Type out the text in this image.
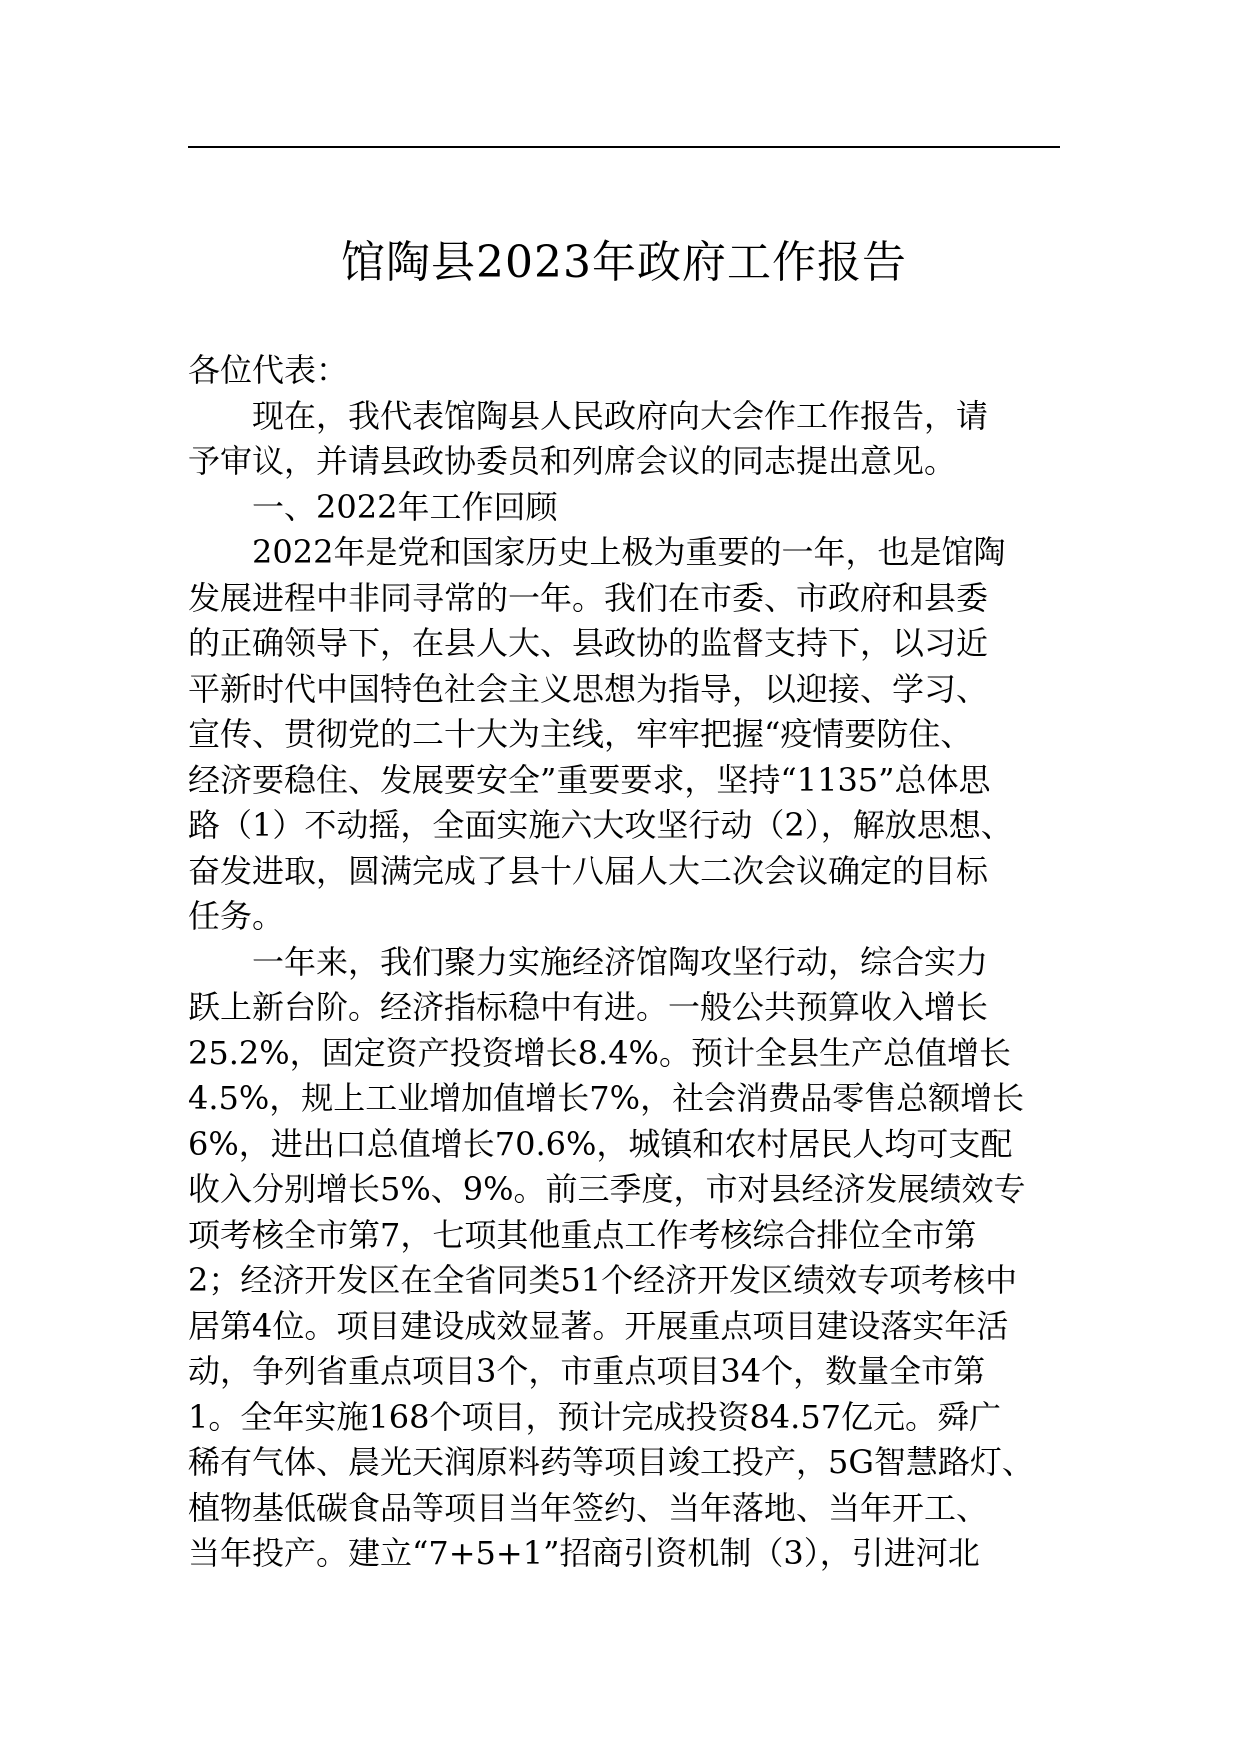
馆陶县2023年政府工作报告
各位代表：
现在，我代表馆陶县人民政府向大会作工作报告，请
予审议，并请县政协委员和列席会议的同志提出意见。
一、2022年工作回顾
2022年是党和国家历史上极为重要的一年，也是馆陶
发展进程中非同寻常的一年。我们在市委、市政府和县委
的正确领导下，在县人大、县政协的监督支持下，以习近
平新时代中国特色社会主义思想为指导，以迎接、学习、
宣传、贯彻党的二十大为主线，牢牢把握“疫情要防住、
经济要稳住、发展要安全”重要要求，坚持“1135”总体思
路（1）不动摇，全面实施六大攻坚行动（2），解放思想、
奋发进取，圆满完成了县十八届人大二次会议确定的目标
任务。
一年来，我们聚力实施经济馆陶攻坚行动，综合实力
跃上新台阶。经济指标稳中有进。一般公共预算收入增长
25.2%，固定资产投资增长8.4%。预计全县生产总值增长
4.5%，规上工业增加值增长7%，社会消费品零售总额增长
6%，进出口总值增长70.6%，城镇和农村居民人均可支配
收入分别增长5%、9%。前三季度，市对县经济发展绩效专
项考核全市第7，七项其他重点工作考核综合排位全市第
2；经济开发区在全省同类51个经济开发区绩效专项考核中
居第4位。项目建设成效显著。开展重点项目建设落实年活
动，争列省重点项目3个，市重点项目34个，数量全市第
1。全年实施168个项目，预计完成投资84.57亿元。舜广
稀有气体、晨光天润原料药等项目竣工投产，5G智慧路灯、
植物基低碳食品等项目当年签约、当年落地、当年开工、
当年投产。建立“7+5+1”招商引资机制（3），引进河北
